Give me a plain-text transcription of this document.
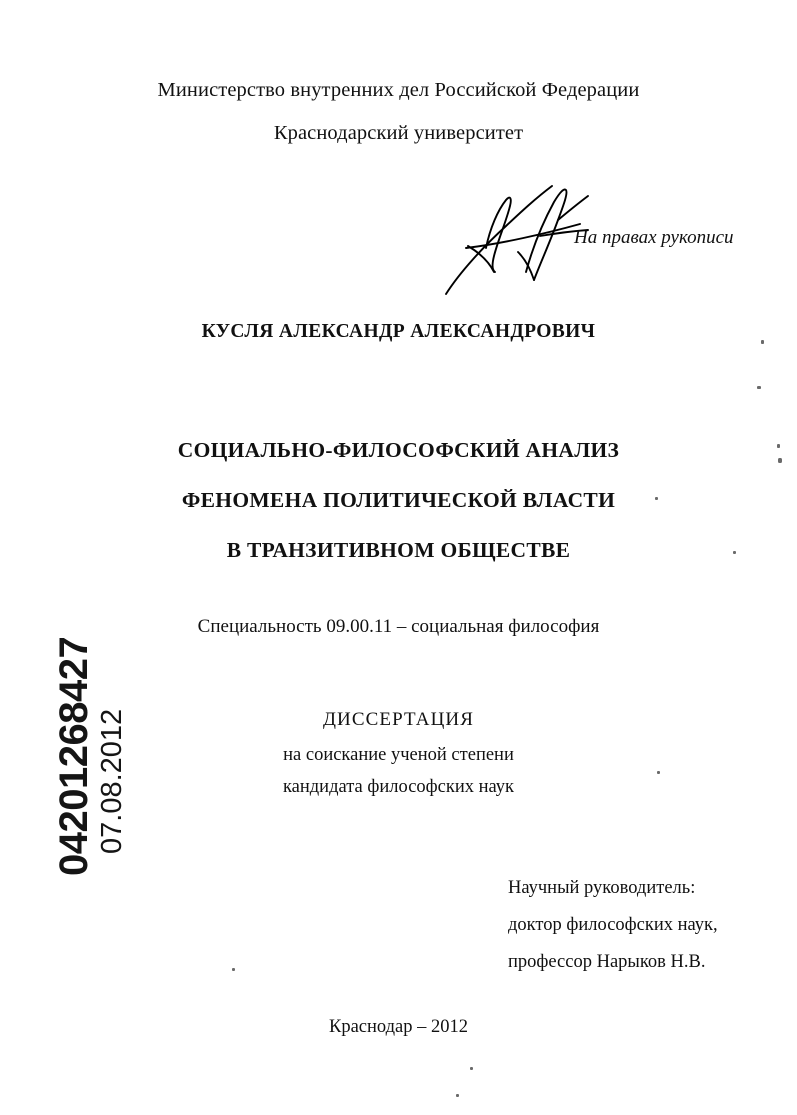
Министерство внутренних дел Российской Федерации
Краснодарский университет
На правах рукописи
КУСЛЯ АЛЕКСАНДР АЛЕКСАНДРОВИЧ
СОЦИАЛЬНО-ФИЛОСОФСКИЙ АНАЛИЗ
ФЕНОМЕНА ПОЛИТИЧЕСКОЙ ВЛАСТИ
В ТРАНЗИТИВНОМ ОБЩЕСТВЕ
Специальность 09.00.11 – социальная философия
ДИССЕРТАЦИЯ
на соискание ученой степени
кандидата философских наук
Научный руководитель:
доктор философских наук,
профессор Нарыков Н.В.
Краснодар – 2012
04201268427 07.08.2012
